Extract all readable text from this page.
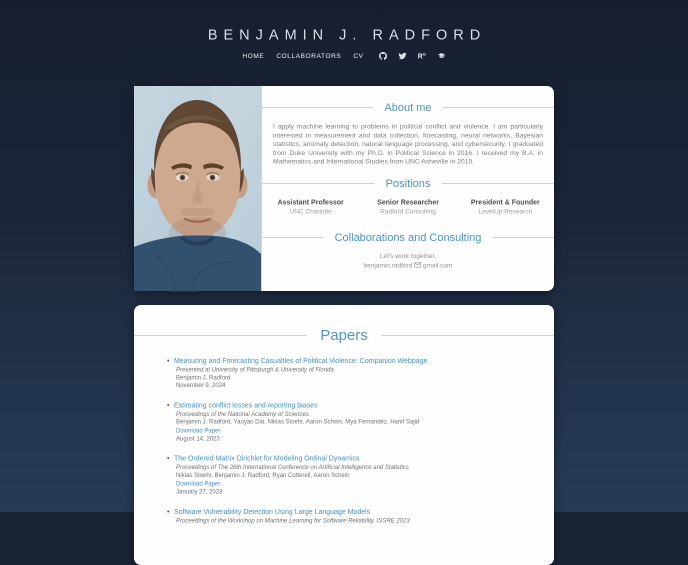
BENJAMIN J. RADFORD
HOME COLLABORATORS CV	$R^G$
About me

I apply machine learning to problems in political conflict and violence. I am particularly interested in measurement and data collection, forecasting, neural networks, Bayesian statistics, anomaly detection, natural language processing, and cybersecurity. I graduated from Duke University with my Ph.D. in Political Science in 2016. I received my B.A. in Mathematics and International Studies from UNC Asheville in 2010.

Positions
Assistant Professor
UNC Charlotte
Senior Researcher
Radford Consulting
President & Founder
LevelUp Research
Collaborations and Consulting
Let's work together.
benjamin.radford gmail.com
Papers
• Measuring and Forecasting Casualties of Political Violence: Companion Webpage
Presented at University of Pittsburgh & University of Florida
Benjamin J. Radford
November 9, 2024
• Estimating conflict losses and reporting biases
Proceedings of the National Academy of Sciences
Benjamin J. Radford, Yaoyao Dai, Niklas Stoehr, Aaron Schein, Mya Fernandez, Hanif Sajid
Download Paper.
August 14, 2023
• The Ordered Matrix Dirichlet for Modeling Ordinal Dynamics
Proceedings of The 26th International Conference on Artificial Intelligence and Statistics
Niklas Stoehr, Benjamin J. Radford, Ryan Cotterell, Aaron Schein
Download Paper.
January 27, 2023
• Software Vulnerability Detection Using Large Language Models
Proceedings of the Workshop on Machine Learning for Software Reliability, ISSRE 2023
